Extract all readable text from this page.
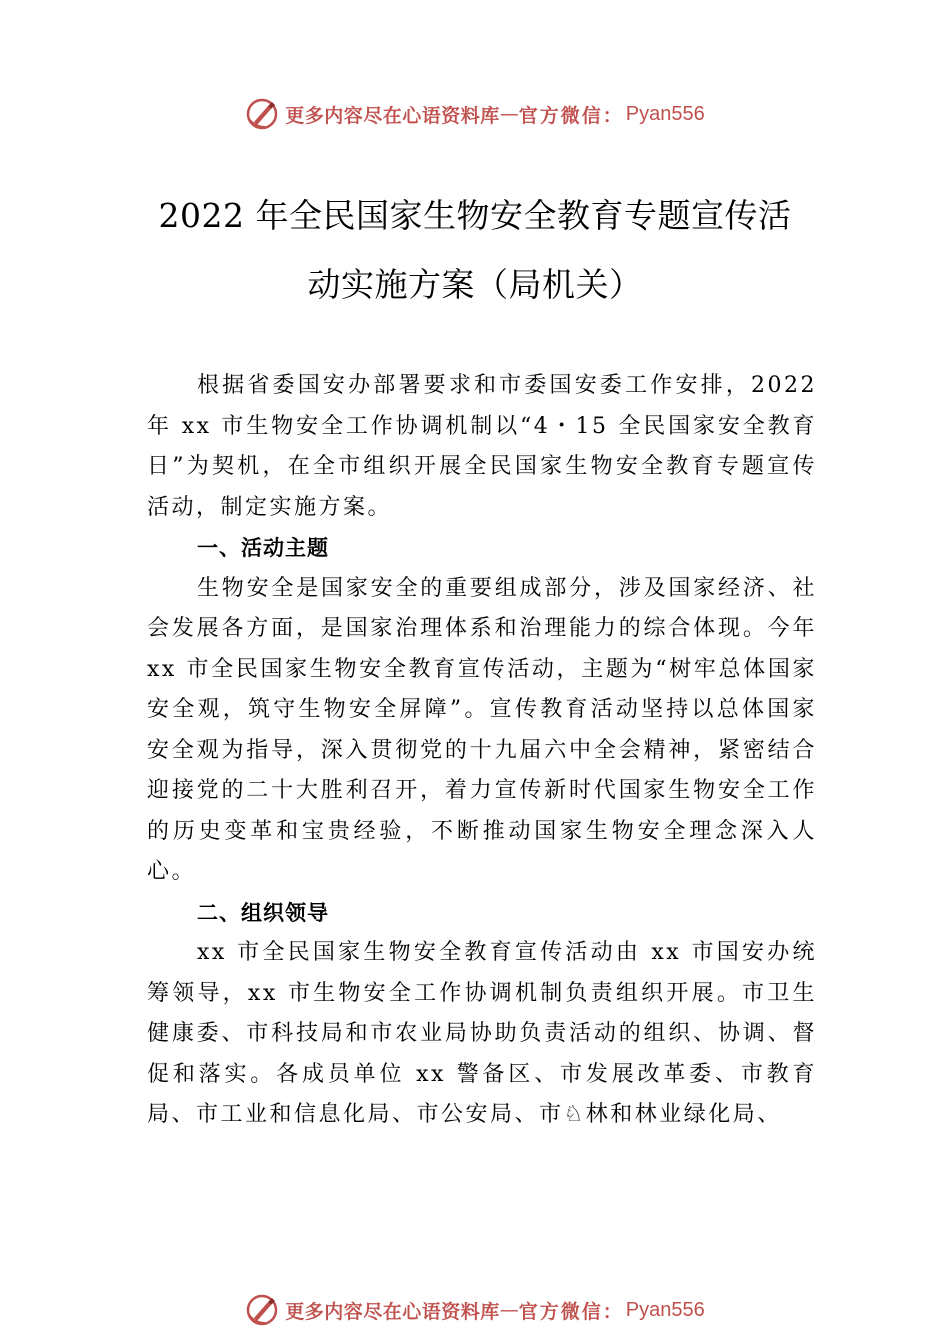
更多内容尽在心语资料库 — 官方微信： Pyan556
2022 年全民国家生物安全教育专题宣传活
动实施方案（局机关）

根据省委国安办部署要求和市委国安委工作安排，2022 年 xx 市生物安全工作协调机制以“4・15 全民国家安全教育日”为契机，在全市组织开展全民国家生物安全教育专题宣传活动，制定实施方案。

一、活动主题

生物安全是国家安全的重要组成部分，涉及国家经济、社会发展各方面，是国家治理体系和治理能力的综合体现。今年 xx 市全民国家生物安全教育宣传活动，主题为“树牢总体国家安全观，筑守生物安全屏障”。宣传教育活动坚持以总体国家安全观为指导，深入贯彻党的十九届六中全会精神，紧密结合迎接党的二十大胜利召开，着力宣传新时代国家生物安全工作的历史变革和宝贵经验，不断推动国家生物安全理念深入人心。

二、组织领导

xx 市全民国家生物安全教育宣传活动由 xx 市国安办统筹领导，xx 市生物安全工作协调机制负责组织开展。市卫生健康委、市科技局和市农业局协助负责活动的组织、协调、督促和落实。各成员单位 xx 警备区、市发展改革委、市教育局、市工业和信息化局、市公安局、市♘林和林业绿化局、

更多内容尽在心语资料库 — 官方微信： Pyan556
